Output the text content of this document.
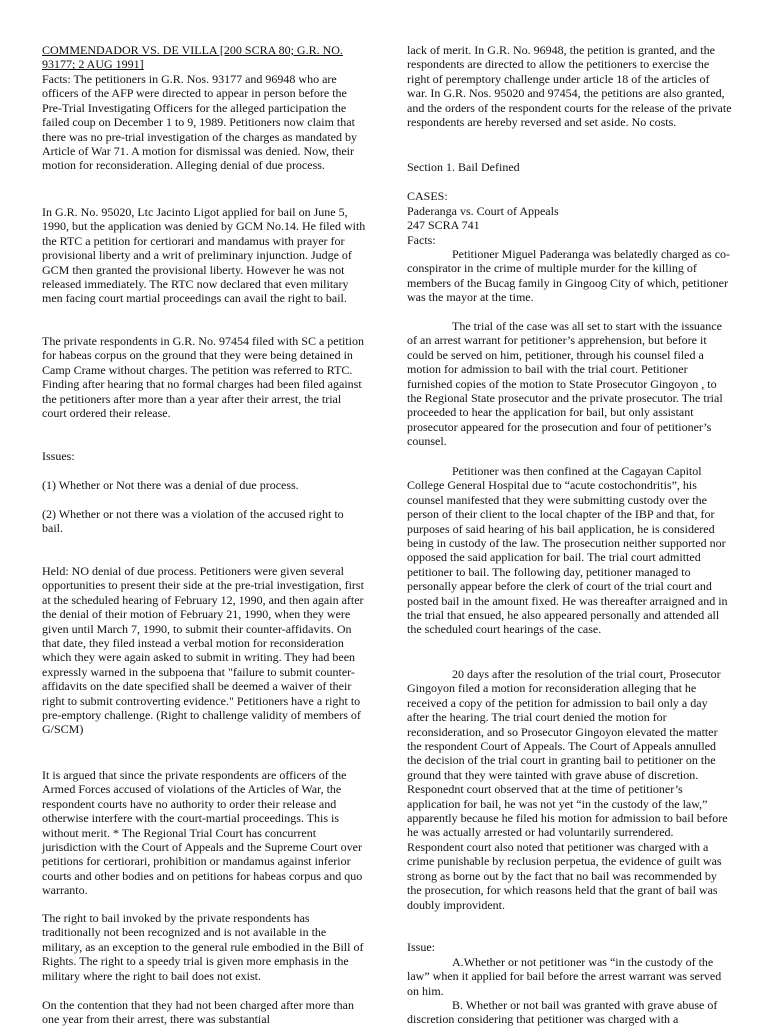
COMMENDADOR VS. DE VILLA [200 SCRA 80; G.R. NO. 93177; 2 AUG 1991]

Facts: The petitioners in G.R. Nos. 93177 and 96948 who are officers of the AFP were directed to appear in person before the Pre-Trial Investigating Officers for the alleged participation the failed coup on December 1 to 9, 1989. Petitioners now claim that there was no pre-trial investigation of the charges as mandated by Article of War 71. A motion for dismissal was denied. Now, their motion for reconsideration. Alleging denial of due process.

In G.R. No. 95020, Ltc Jacinto Ligot applied for bail on June 5, 1990, but the application was denied by GCM No.14. He filed with the RTC a petition for certiorari and mandamus with prayer for provisional liberty and a writ of preliminary injunction. Judge of GCM then granted the provisional liberty. However he was not released immediately. The RTC now declared that even military men facing court martial proceedings can avail the right to bail.

The private respondents in G.R. No. 97454 filed with SC a petition for habeas corpus on the ground that they were being detained in Camp Crame without charges. The petition was referred to RTC. Finding after hearing that no formal charges had been filed against the petitioners after more than a year after their arrest, the trial court ordered their release.

Issues:

(1) Whether or Not there was a denial of due process.

(2) Whether or not there was a violation of the accused right to bail.

Held: NO denial of due process. Petitioners were given several opportunities to present their side at the pre-trial investigation, first at the scheduled hearing of February 12, 1990, and then again after the denial of their motion of February 21, 1990, when they were given until March 7, 1990, to submit their counter-affidavits. On that date, they filed instead a verbal motion for reconsideration which they were again asked to submit in writing. They had been expressly warned in the subpoena that "failure to submit counter-affidavits on the date specified shall be deemed a waiver of their right to submit controverting evidence." Petitioners have a right to pre-emptory challenge. (Right to challenge validity of members of G/SCM)

It is argued that since the private respondents are officers of the Armed Forces accused of violations of the Articles of War, the respondent courts have no authority to order their release and otherwise interfere with the court-martial proceedings. This is without merit. * The Regional Trial Court has concurrent jurisdiction with the Court of Appeals and the Supreme Court over petitions for certiorari, prohibition or mandamus against inferior courts and other bodies and on petitions for habeas corpus and quo warranto.

The right to bail invoked by the private respondents has traditionally not been recognized and is not available in the military, as an exception to the general rule embodied in the Bill of Rights. The right to a speedy trial is given more emphasis in the military where the right to bail does not exist.

On the contention that they had not been charged after more than one year from their arrest, there was substantial

lack of merit. In G.R. No. 96948, the petition is granted, and the respondents are directed to allow the petitioners to exercise the right of peremptory challenge under article 18 of the articles of war. In G.R. Nos. 95020 and 97454, the petitions are also granted, and the orders of the respondent courts for the release of the private respondents are hereby reversed and set aside. No costs.

Section 1. Bail Defined

CASES:

Paderanga vs. Court of Appeals

247 SCRA 741

Facts:

Petitioner Miguel Paderanga was belatedly charged as co-conspirator in the crime of multiple murder for the killing of members of the Bucag family in Gingoog City of which, petitioner was the mayor at the time.

The trial of the case was all set to start with the issuance of an arrest warrant for petitioner’s apprehension, but before it could be served on him, petitioner, through his counsel filed a motion for admission to bail with the trial court. Petitioner furnished copies of the motion to State Prosecutor Gingoyon , to the Regional State prosecutor and the private prosecutor. The trial proceeded to hear the application for bail, but only assistant prosecutor appeared for the prosecution and four of petitioner’s counsel.

Petitioner was then confined at the Cagayan Capitol College General Hospital due to “acute costochondritis”, his counsel manifested that they were submitting custody over the person of their client to the local chapter of the IBP and that, for purposes of said hearing of his bail application, he is considered being in custody of the law. The prosecution neither supported nor opposed the said application for bail. The trial court admitted petitioner to bail. The following day, petitioner managed to personally appear before the clerk of court of the trial court and posted bail in the amount fixed. He was thereafter arraigned and in the trial that ensued, he also appeared personally and attended all the scheduled court hearings of the case.

20 days after the resolution of the trial court, Prosecutor Gingoyon filed a motion for reconsideration alleging that he received a copy of the petition for admission to bail only a day after the hearing. The trial court denied the motion for reconsideration, and so Prosecutor Gingoyon elevated the matter the respondent Court of Appeals. The Court of Appeals annulled the decision of the trial court in granting bail to petitioner on the ground that they were tainted with grave abuse of discretion. Responednt court observed that at the time of petitioner’s application for bail, he was not yet “in the custody of the law,” apparently because he filed his motion for admission to bail before he was actually arrested or had voluntarily surrendered. Respondent court also noted that petitioner was charged with a crime punishable by reclusion perpetua, the evidence of guilt was strong as borne out by the fact that no bail was recommended by the prosecution, for which reasons held that the grant of bail was doubly improvident.

Issue:

A.Whether or not petitioner was “in the custody of the law” when it applied for bail before the arrest warrant was served on him.

B. Whether or not bail was granted with grave abuse of discretion considering that petitioner was charged with a
